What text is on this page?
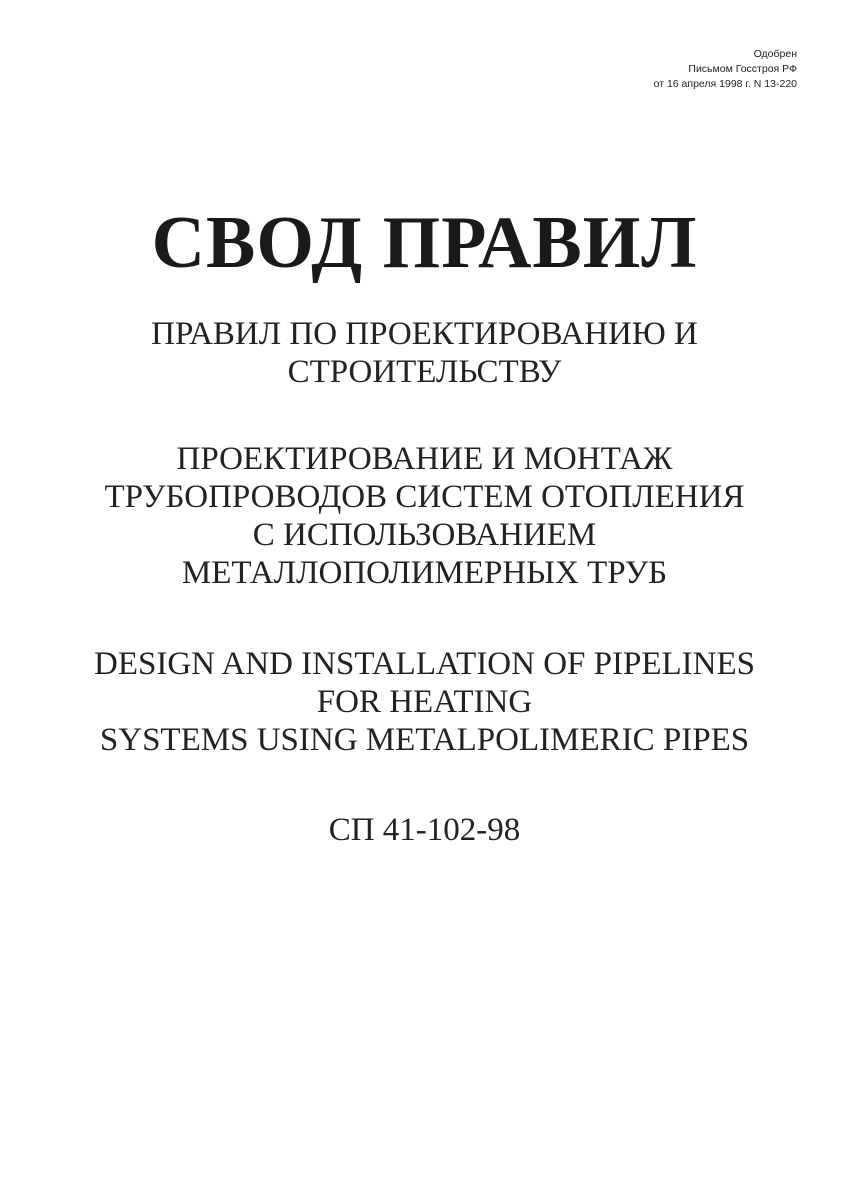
Одобрен
Письмом Госстроя РФ
от 16 апреля 1998 г. N 13-220
СВОД ПРАВИЛ
ПРАВИЛ ПО ПРОЕКТИРОВАНИЮ И
СТРОИТЕЛЬСТВУ
ПРОЕКТИРОВАНИЕ И МОНТАЖ
ТРУБОПРОВОДОВ СИСТЕМ ОТОПЛЕНИЯ
С ИСПОЛЬЗОВАНИЕМ
МЕТАЛЛОПОЛИМЕРНЫХ ТРУБ
DESIGN AND INSTALLATION OF PIPELINES
FOR HEATING
SYSTEMS USING METALPOLIMERIC PIPES
СП 41-102-98
